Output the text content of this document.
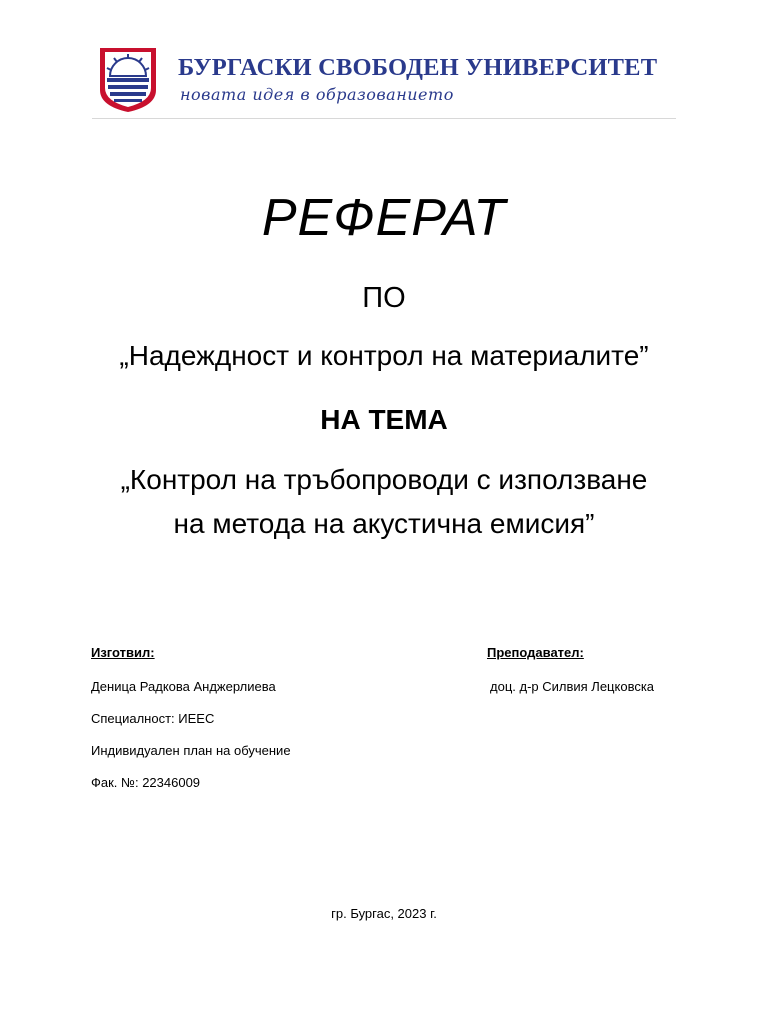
БУРГАСКИ СВОБОДЕН УНИВЕРСИТЕТ
новата идея в образованието
РЕФЕРАТ
ПО
„Надеждност и контрол на материалите”
НА ТЕМА
„Контрол на тръбопроводи с използване
на метода на акустична емисия”
Изготвил:
Деница Радкова Анджерлиева
Специалност: ИЕЕС
Индивидуален план на обучение
Фак. №: 22346009
Преподавател:
доц. д-р Силвия Лецковска
гр. Бургас, 2023 г.
